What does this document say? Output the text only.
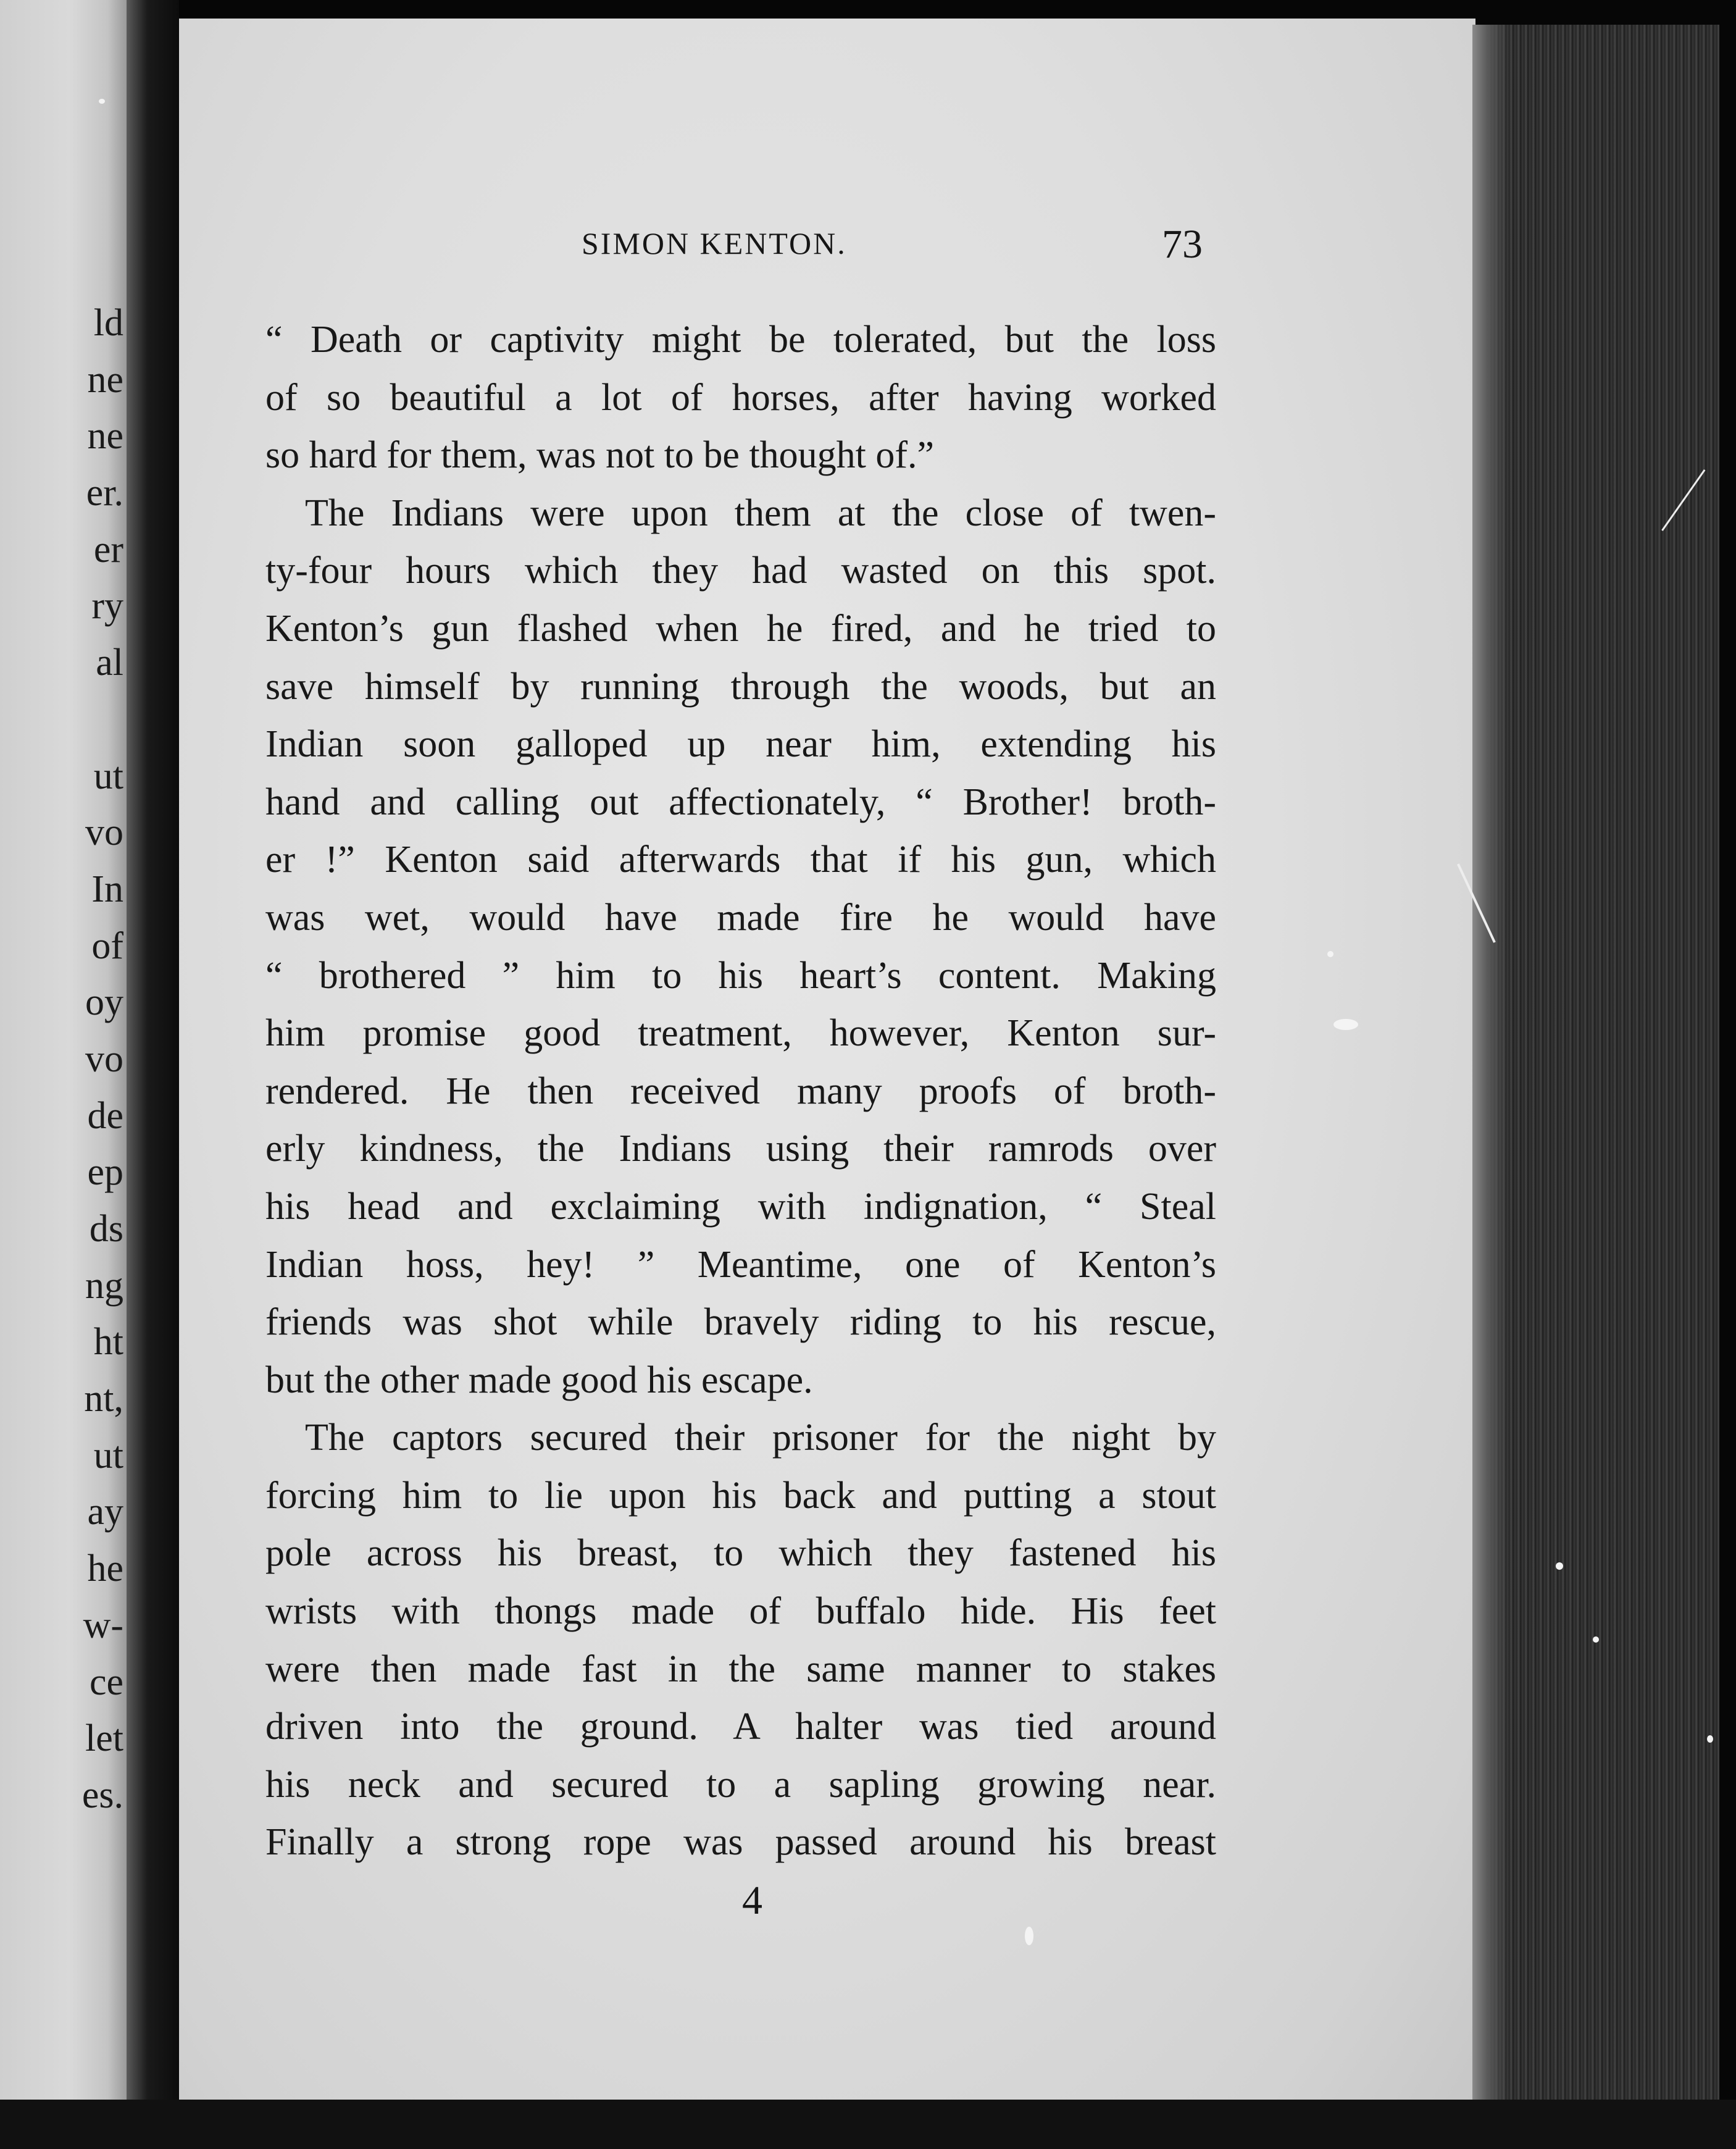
ld
ne
ne
er.
er
ry
al
ut
vo
In
of
oy
vo
de
ep
ds
ng
ht
nt,
ut
ay
he
w-
ce
let
es.
SIMON KENTON.	73
“ Death or captivity might be tolerated, but the loss
of so beautiful a lot of horses, after having worked
so hard for them, was not to be thought of.”
The Indians were upon them at the close of twen-
ty-four hours which they had wasted on this spot.
Kenton’s gun flashed when he fired, and he tried to
save himself by running through the woods, but an
Indian soon galloped up near him, extending his
hand and calling out affectionately, “ Brother! broth-
er !” Kenton said afterwards that if his gun, which
was wet, would have made fire he would have
“ brothered ” him to his heart’s content. Making
him promise good treatment, however, Kenton sur-
rendered. He then received many proofs of broth-
erly kindness, the Indians using their ramrods over
his head and exclaiming with indignation, “ Steal
Indian hoss, hey! ” Meantime, one of Kenton’s
friends was shot while bravely riding to his rescue,
but the other made good his escape.
The captors secured their prisoner for the night by
forcing him to lie upon his back and putting a stout
pole across his breast, to which they fastened his
wrists with thongs made of buffalo hide. His feet
were then made fast in the same manner to stakes
driven into the ground. A halter was tied around
his neck and secured to a sapling growing near.
Finally a strong rope was passed around his breast
4
